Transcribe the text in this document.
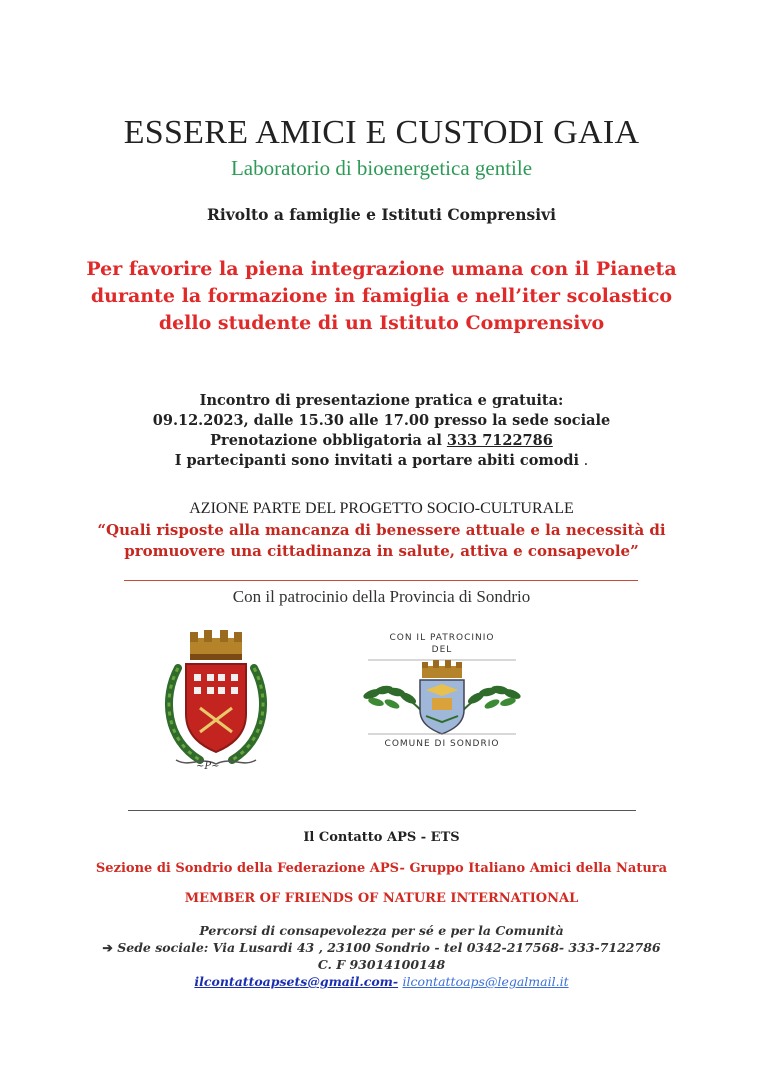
ESSERE AMICI E CUSTODI GAIA
Laboratorio di bioenergetica gentile
Rivolto a famiglie e Istituti Comprensivi
Per favorire la piena integrazione umana con il Pianeta
durante la formazione in famiglia e nell’iter scolastico
dello studente di un Istituto Comprensivo
Incontro di presentazione pratica e gratuita:
09.12.2023, dalle 15.30 alle 17.00 presso la sede sociale
Prenotazione obbligatoria al 333 7122786
I partecipanti sono invitati a portare abiti comodi .
AZIONE PARTE DEL PROGETTO SOCIO-CULTURALE
“Quali risposte alla mancanza di benessere attuale e la necessità di
promuovere una cittadinanza in salute, attiva e consapevole”
Con il patrocinio della Provincia di Sondrio
~P~
CON IL PATROCINIO
DEL
COMUNE DI SONDRIO
Il Contatto APS - ETS
Sezione di Sondrio della Federazione APS- Gruppo Italiano Amici della Natura
MEMBER OF FRIENDS OF NATURE INTERNATIONAL
Percorsi di consapevolezza per sé e per la Comunità
➔ Sede sociale: Via Lusardi 43 , 23100 Sondrio - tel 0342-217568- 333-7122786
C. F 93014100148
ilcontattoapsets@gmail.com- ilcontattoaps@legalmail.it
